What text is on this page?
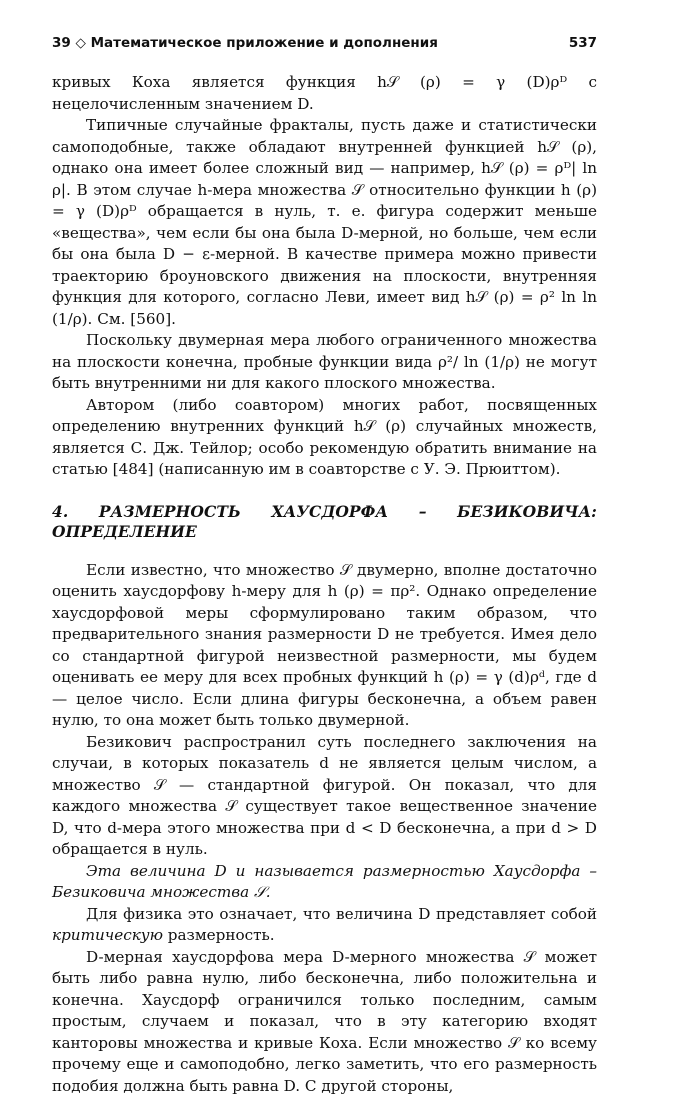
39 ◇ Математическое приложение и дополнения	537

кривых Коха является функция h𝒮 (ρ) = γ (D)ρᴰ с нецелочисленным значением D.

Типичные случайные фракталы, пусть даже и статистически самоподобные, также обладают внутренней функцией h𝒮 (ρ), однако она имеет более сложный вид — например, h𝒮 (ρ) = ρᴰ| ln ρ|. В этом случае h-мера множества 𝒮 относительно функции h (ρ) = γ (D)ρᴰ обращается в нуль, т. е. фигура содержит меньше «вещества», чем если бы она была D-мерной, но больше, чем если бы она была D − ε-мерной. В качестве примера можно привести траекторию броуновского движения на плоскости, внутренняя функция для которого, согласно Леви, имеет вид h𝒮 (ρ) = ρ² ln ln (1/ρ). См. [560].

Поскольку двумерная мера любого ограниченного множества на плоскости конечна, пробные функции вида ρ²/ ln (1/ρ) не могут быть внутренними ни для какого плоского множества.

Автором (либо соавтором) многих работ, посвященных определению внутренних функций h𝒮 (ρ) случайных множеств, является С. Дж. Тейлор; особо рекомендую обратить внимание на статью [484] (написанную им в соавторстве с У. Э. Прюиттом).

4. РАЗМЕРНОСТЬ ХАУСДОРФА – БЕЗИКОВИЧА: ОПРЕДЕЛЕНИЕ

Если известно, что множество 𝒮 двумерно, вполне достаточно оценить хаусдорфову h-меру для h (ρ) = πρ². Однако определение хаусдорфовой меры сформулировано таким образом, что предварительного знания размерности D не требуется. Имея дело со стандартной фигурой неизвестной размерности, мы будем оценивать ее меру для всех пробных функций h (ρ) = γ (d)ρᵈ, где d — целое число. Если длина фигуры бесконечна, а объем равен нулю, то она может быть только двумерной.

Безикович распространил суть последнего заключения на случаи, в которых показатель d не является целым числом, а множество 𝒮 — стандартной фигурой. Он показал, что для каждого множества 𝒮 существует такое вещественное значение D, что d-мера этого множества при d < D бесконечна, а при d > D обращается в нуль.

Эта величина D и называется размерностью Хаусдорфа – Безиковича множества 𝒮.

Для физика это означает, что величина D представляет собой критическую размерность.

D-мерная хаусдорфова мера D-мерного множества 𝒮 может быть либо равна нулю, либо бесконечна, либо положительна и конечна. Хаусдорф ограничился только последним, самым простым, случаем и показал, что в эту категорию входят канторовы множества и кривые Коха. Если множество 𝒮 ко всему прочему еще и самоподобно, легко заметить, что его размерность подобия должна быть равна D. С другой стороны,
